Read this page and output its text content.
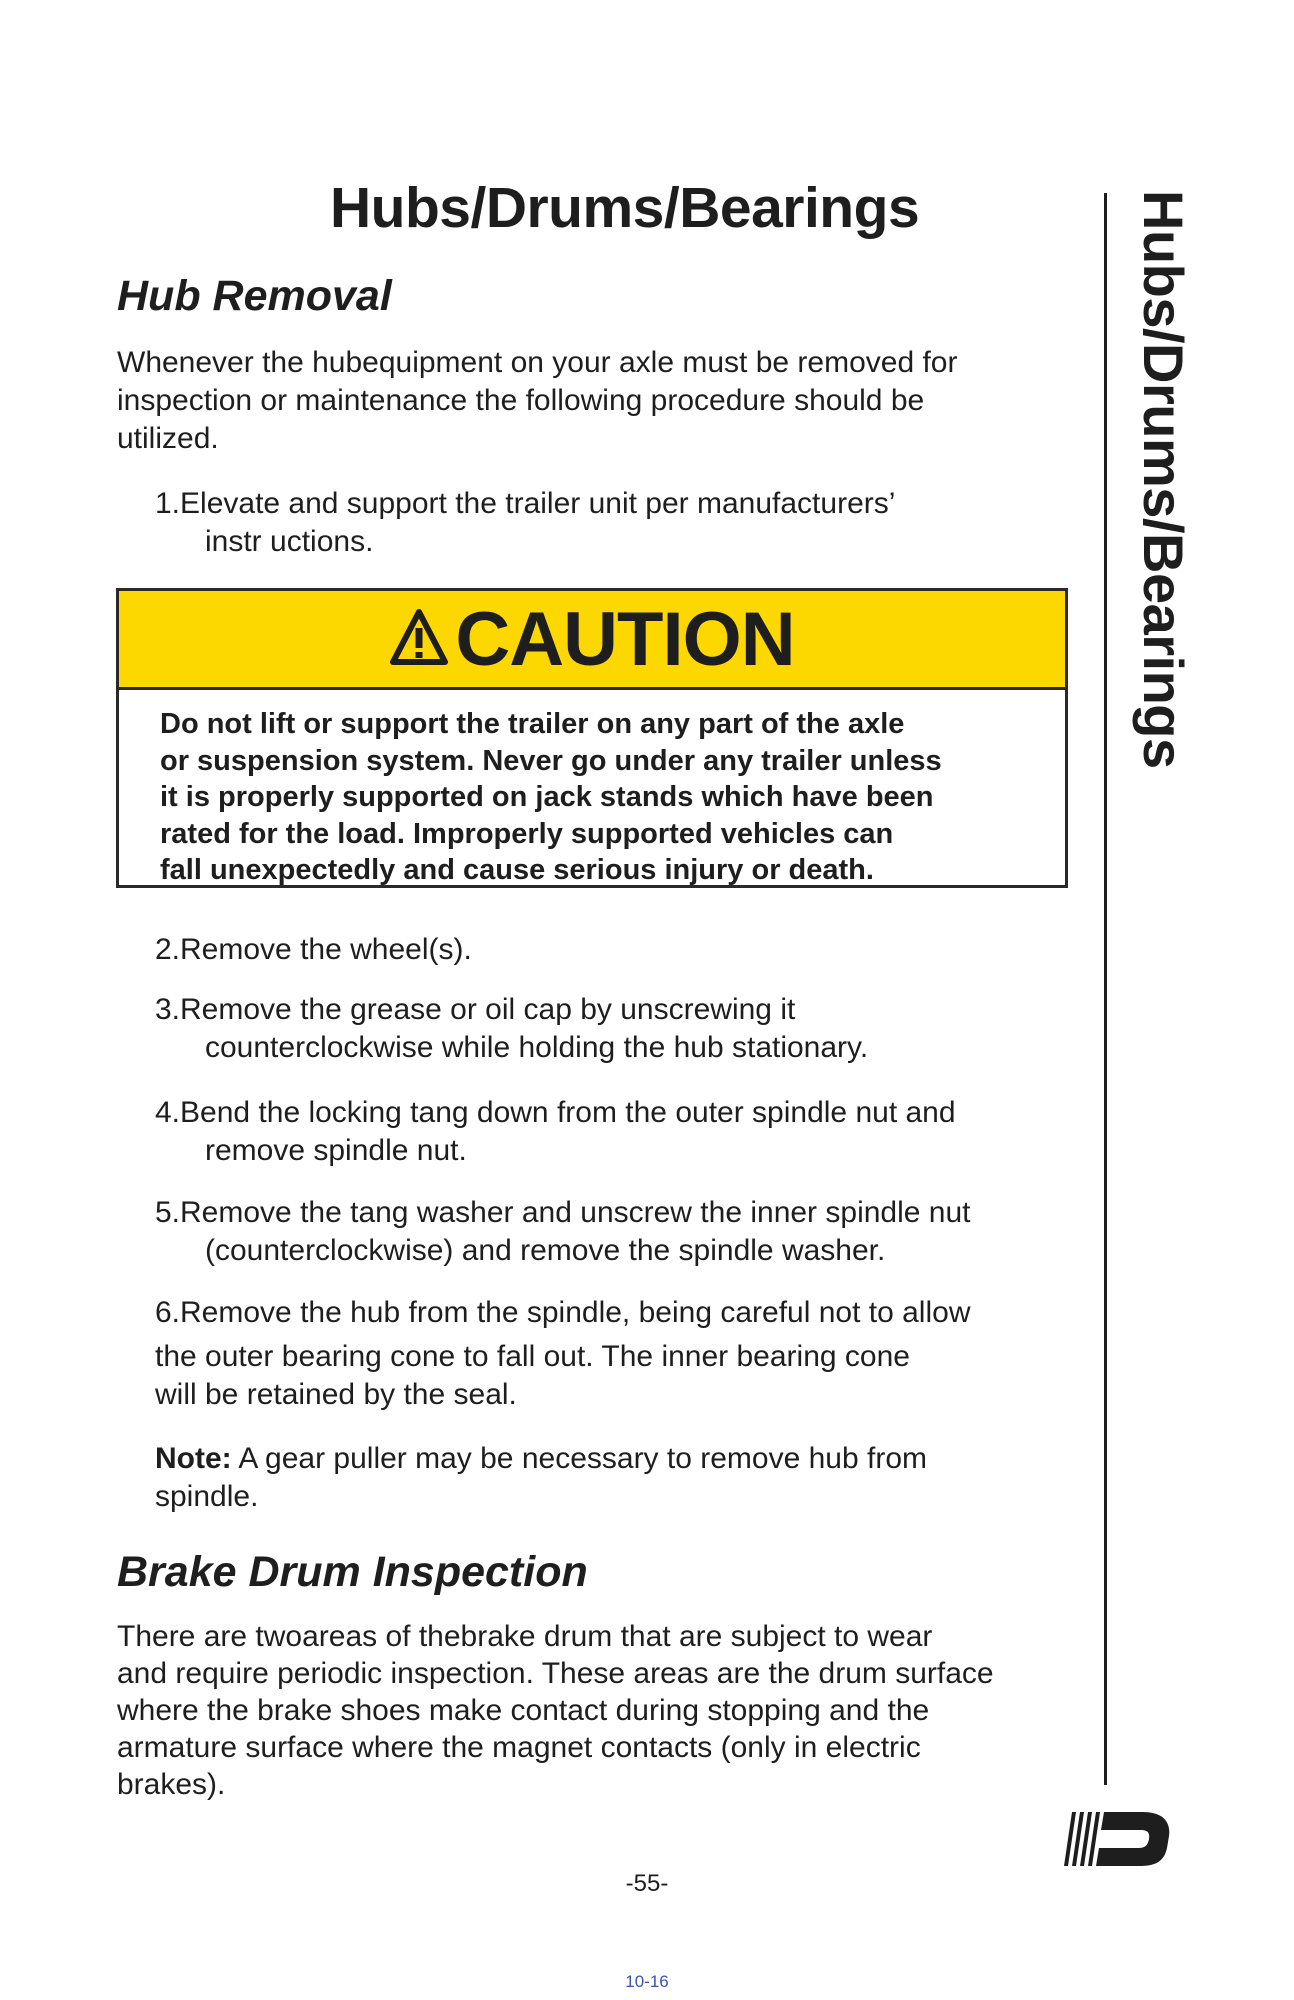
Hubs/Drums/Bearings
Hub Removal

Whenever the hubequipment on your axle must be removed for
inspection or maintenance the following procedure should be
utilized.

1.Elevate and support the trailer unit per manufacturers’
instr uctions.

CAUTION

Do not lift or support the trailer on any part of the axle
or suspension system. Never go under any trailer unless
it is properly supported on jack stands which have been
rated for the load. Improperly supported vehicles can
fall unexpectedly and cause serious injury or death.

2.Remove the wheel(s).

3.Remove the grease or oil cap by unscrewing it
counterclockwise while holding the hub stationary.

4.Bend the locking tang down from the outer spindle nut and
remove spindle nut.

5.Remove the tang washer and unscrew the inner spindle nut
(counterclockwise) and remove the spindle washer.

6.Remove the hub from the spindle, being careful not to allow
the outer bearing cone to fall out. The inner bearing cone
will be retained by the seal.

Note: A gear puller may be necessary to remove hub from
spindle.

Brake Drum Inspection

There are twoareas of thebrake drum that are subject to wear
and require periodic inspection. These areas are the drum surface
where the brake shoes make contact during stopping and the
armature surface where the magnet contacts (only in electric
brakes).

Hubs/Drums/Bearings

-55-

10-16
